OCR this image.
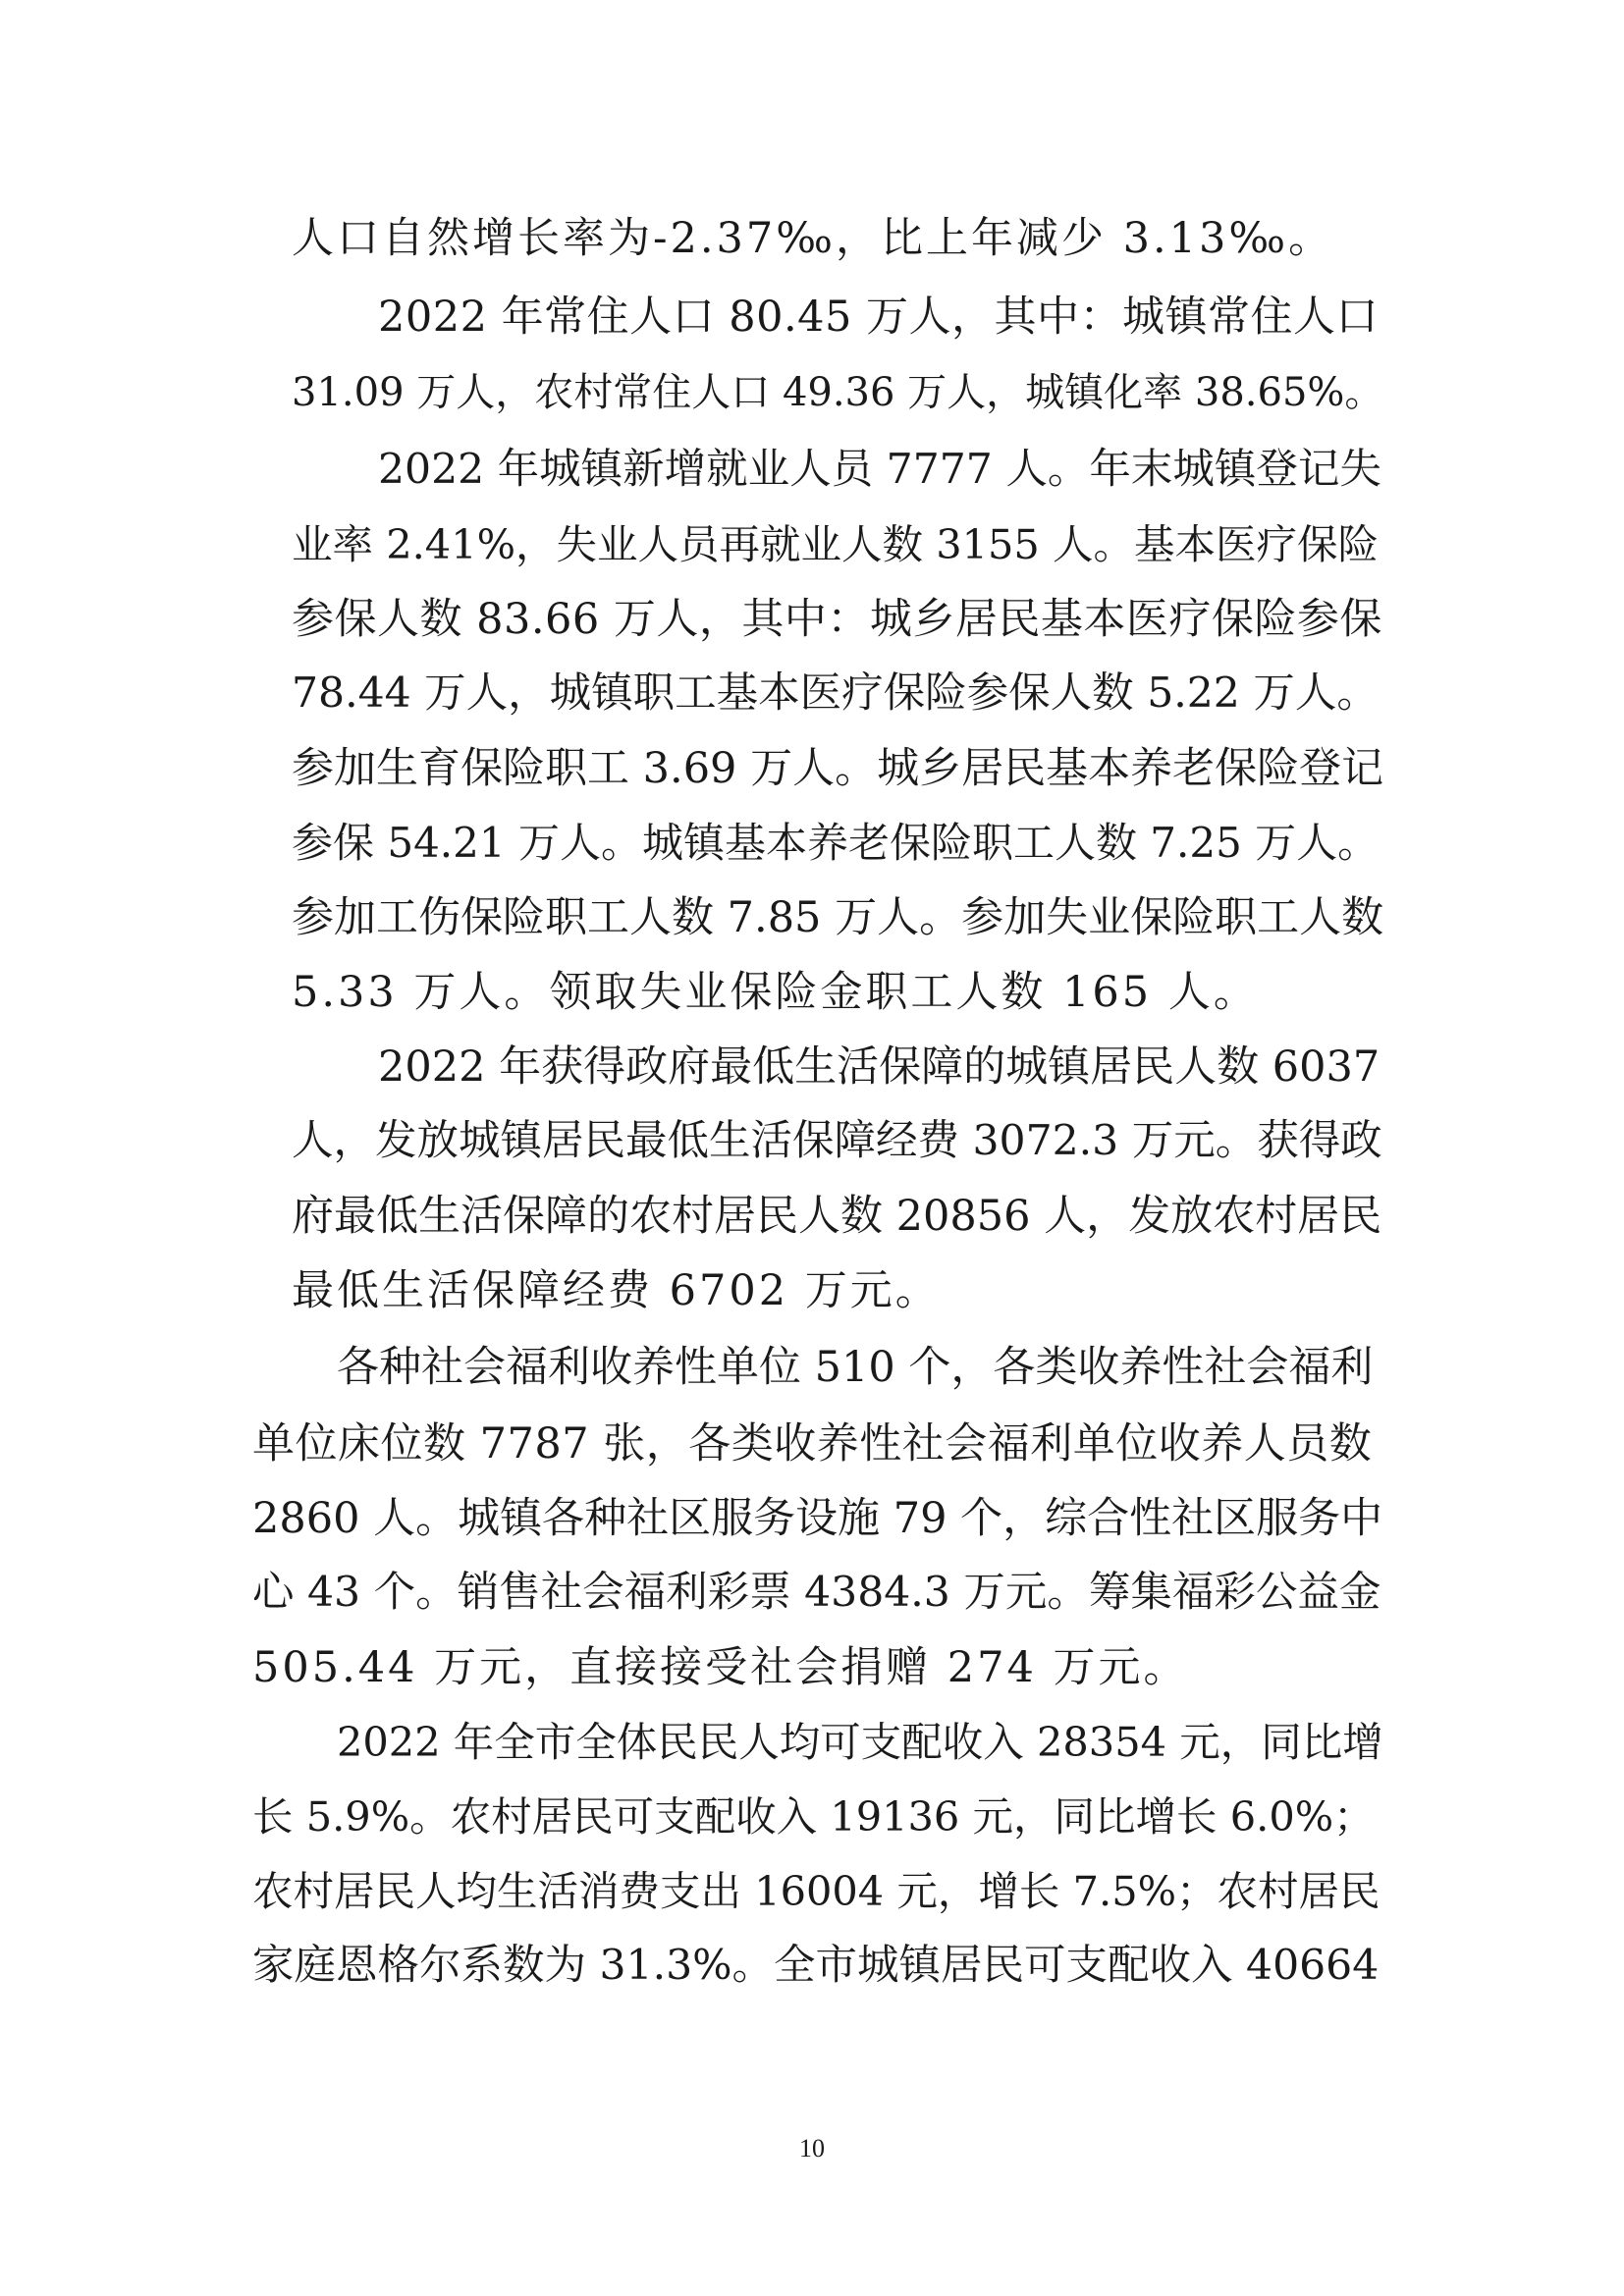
人口自然增长率为-2.37‰，比上年减少 3.13‰。
2022 年常住人口 80.45 万人，其中：城镇常住人口
31.09 万人，农村常住人口 49.36 万人，城镇化率 38.65%。
2022 年城镇新增就业人员 7777 人。年末城镇登记失
业率 2.41%，失业人员再就业人数 3155 人。基本医疗保险
参保人数 83.66 万人，其中：城乡居民基本医疗保险参保
78.44 万人，城镇职工基本医疗保险参保人数 5.22 万人。
参加生育保险职工 3.69 万人。城乡居民基本养老保险登记
参保 54.21 万人。城镇基本养老保险职工人数 7.25 万人。
参加工伤保险职工人数 7.85 万人。参加失业保险职工人数
5.33 万人。领取失业保险金职工人数 165 人。
2022 年获得政府最低生活保障的城镇居民人数 6037
人，发放城镇居民最低生活保障经费 3072.3 万元。获得政
府最低生活保障的农村居民人数 20856 人，发放农村居民
最低生活保障经费 6702 万元。
各种社会福利收养性单位 510 个，各类收养性社会福利
单位床位数 7787 张，各类收养性社会福利单位收养人员数
2860 人。城镇各种社区服务设施 79 个，综合性社区服务中
心 43 个。销售社会福利彩票 4384.3 万元。筹集福彩公益金
505.44 万元，直接接受社会捐赠 274 万元。
2022 年全市全体民民人均可支配收入 28354 元，同比增
长 5.9%。农村居民可支配收入 19136 元，同比增长 6.0%；
农村居民人均生活消费支出 16004 元，增长 7.5%；农村居民
家庭恩格尔系数为 31.3%。全市城镇居民可支配收入 40664
10
